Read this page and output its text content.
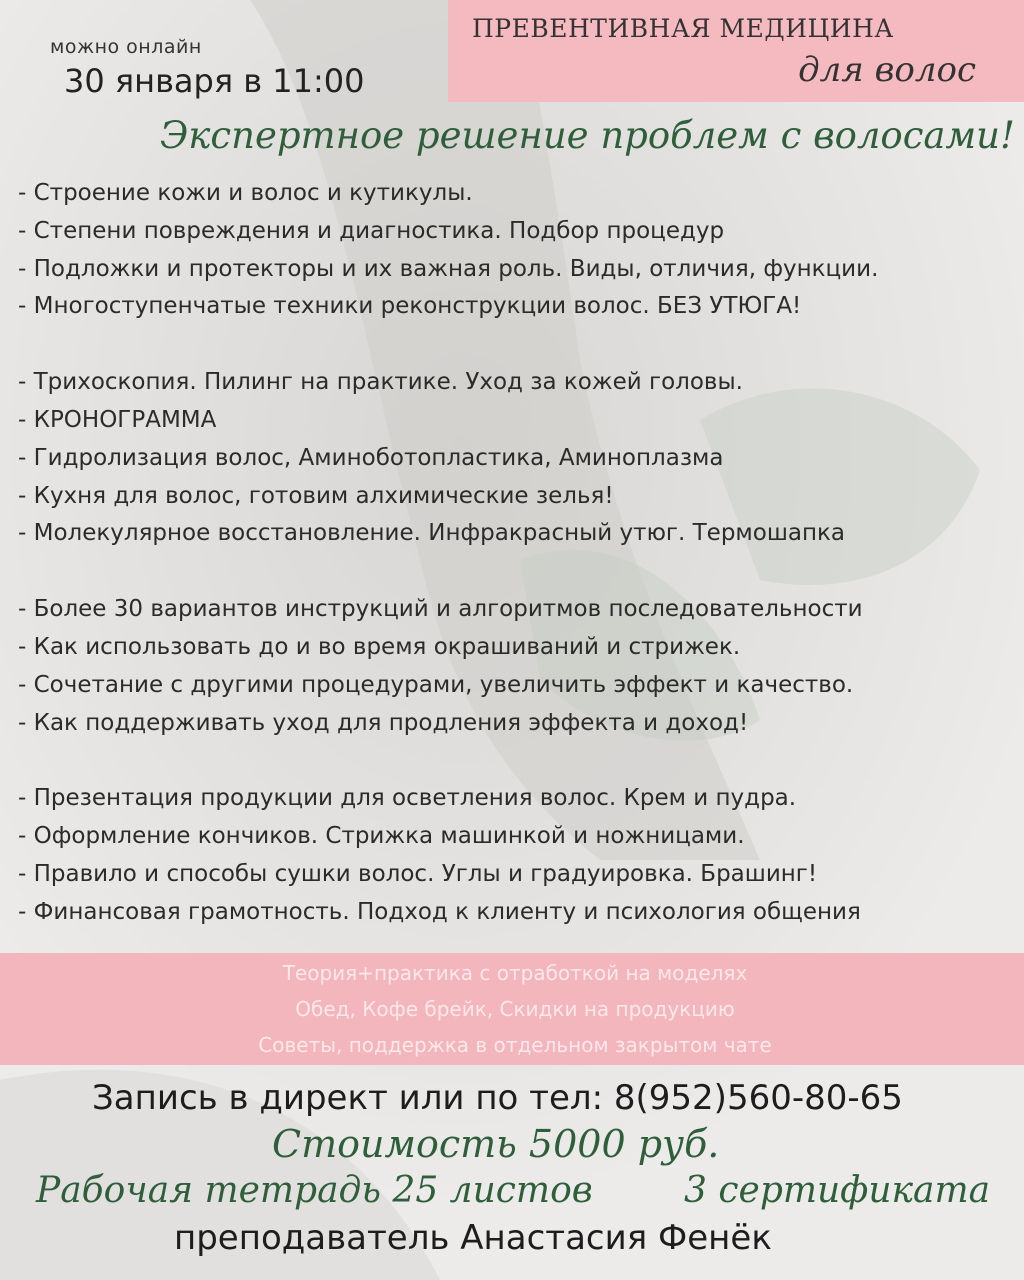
можно онлайн
30 января в 11:00
ПРЕВЕНТИВНАЯ МЕДИЦИНА
для волос
Экспертное решение проблем с волосами!
- Строение кожи и волос и кутикулы.
- Степени повреждения и диагностика. Подбор процедур
- Подложки и протекторы и их важная роль. Виды, отличия, функции.
- Многоступенчатые техники реконструкции волос. БЕЗ УТЮГА!
- Трихоскопия. Пилинг на практике. Уход за кожей головы.
- КРОНОГРАММА
- Гидролизация волос, Аминоботопластика, Аминоплазма
- Кухня для волос, готовим алхимические зелья!
- Молекулярное восстановление. Инфракрасный утюг. Термошапка
- Более 30 вариантов инструкций и алгоритмов последовательности
- Как использовать до и во время окрашиваний и стрижек.
- Сочетание с другими процедурами, увеличить эффект и качество.
- Как поддерживать уход для продления эффекта и доход!
- Презентация продукции для осветления волос. Крем и пудра.
- Оформление кончиков. Стрижка машинкой и ножницами.
- Правило и способы сушки волос. Углы и градуировка. Брашинг!
- Финансовая грамотность. Подход к клиенту и психология общения
Теория+практика с отработкой на моделях
Обед, Кофе брейк, Скидки на продукцию
Советы, поддержка в отдельном закрытом чате
Запись в директ или по тел: 8(952)560-80-65
Стоимость 5000 руб.
Рабочая тетрадь 25 листов	3 сертификата
преподаватель Анастасия Фенёк
